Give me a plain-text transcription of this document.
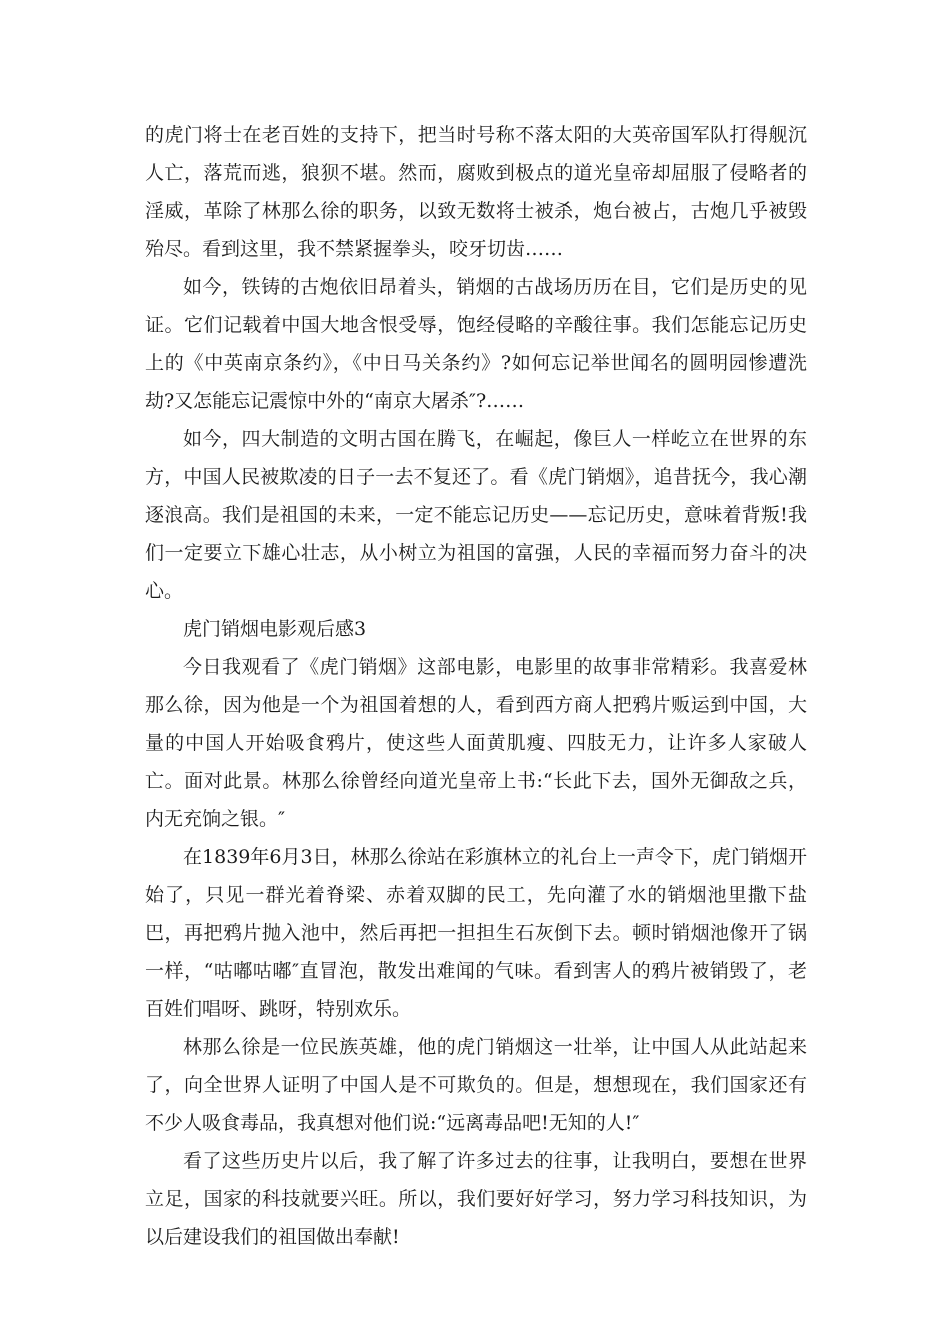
的虎门将士在老百姓的支持下，把当时号称不落太阳的大英帝国军队打得舰沉人亡，落荒而逃，狼狈不堪。然而，腐败到极点的道光皇帝却屈服了侵略者的淫威，革除了林那么徐的职务，以致无数将士被杀，炮台被占，古炮几乎被毁殆尽。看到这里，我不禁紧握拳头，咬牙切齿……

如今，铁铸的古炮依旧昂着头，销烟的古战场历历在目，它们是历史的见证。它们记载着中国大地含恨受辱，饱经侵略的辛酸往事。我们怎能忘记历史上的《中英南京条约》，《中日马关条约》?如何忘记举世闻名的圆明园惨遭洗劫?又怎能忘记震惊中外的“南京大屠杀″?……

如今，四大制造的文明古国在腾飞，在崛起，像巨人一样屹立在世界的东方，中国人民被欺凌的日子一去不复还了。看《虎门销烟》，追昔抚今，我心潮逐浪高。我们是祖国的未来，一定不能忘记历史——忘记历史，意味着背叛!我们一定要立下雄心壮志，从小树立为祖国的富强，人民的幸福而努力奋斗的决心。

虎门销烟电影观后感3

今日我观看了《虎门销烟》这部电影，电影里的故事非常精彩。我喜爱林那么徐，因为他是一个为祖国着想的人，看到西方商人把鸦片贩运到中国，大量的中国人开始吸食鸦片，使这些人面黄肌瘦、四肢无力，让许多人家破人亡。面对此景。林那么徐曾经向道光皇帝上书:“长此下去，国外无御敌之兵，内无充饷之银。″

在1839年6月3日，林那么徐站在彩旗林立的礼台上一声令下，虎门销烟开始了，只见一群光着脊梁、赤着双脚的民工，先向灌了水的销烟池里撒下盐巴，再把鸦片抛入池中，然后再把一担担生石灰倒下去。顿时销烟池像开了锅一样，“咕嘟咕嘟″直冒泡，散发出难闻的气味。看到害人的鸦片被销毁了，老百姓们唱呀、跳呀，特别欢乐。

林那么徐是一位民族英雄，他的虎门销烟这一壮举，让中国人从此站起来了，向全世界人证明了中国人是不可欺负的。但是，想想现在，我们国家还有不少人吸食毒品，我真想对他们说:“远离毒品吧!无知的人!″

看了这些历史片以后，我了解了许多过去的往事，让我明白，要想在世界立足，国家的科技就要兴旺。所以，我们要好好学习，努力学习科技知识，为以后建设我们的祖国做出奉献!
